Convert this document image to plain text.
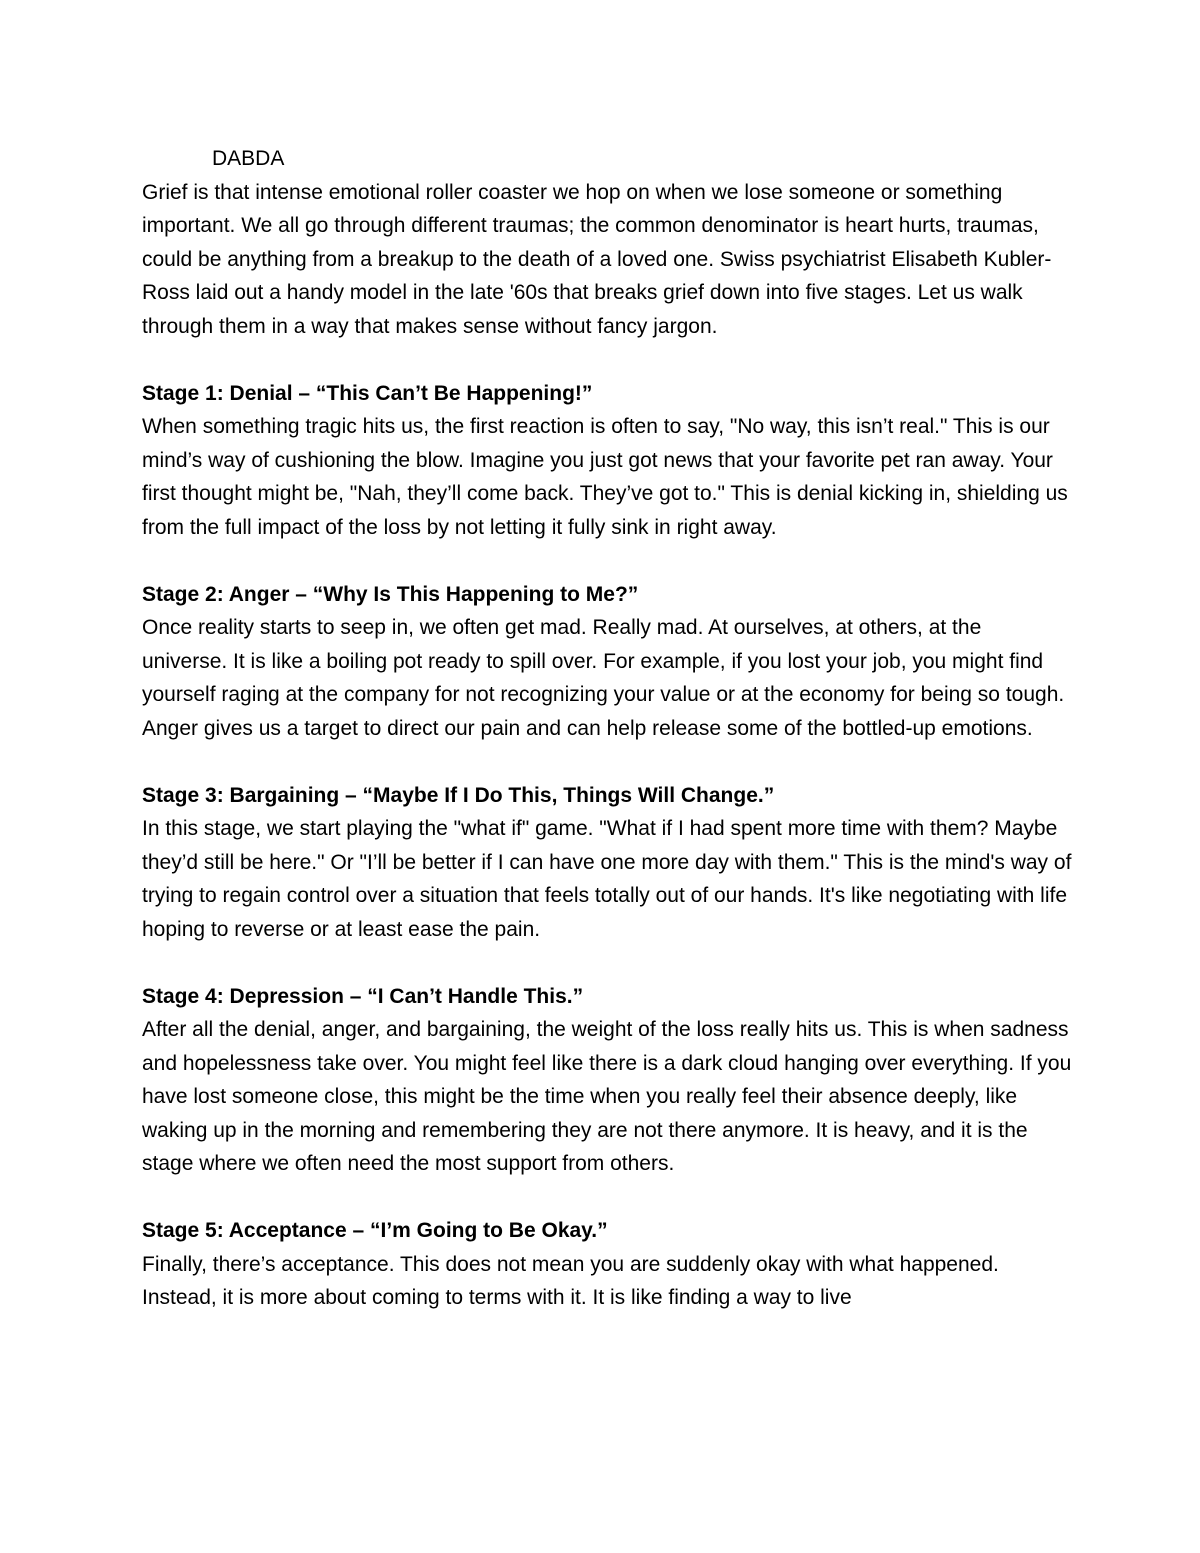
DABDA

Grief is that intense emotional roller coaster we hop on when we lose someone or something important. We all go through different traumas; the common denominator is heart hurts, traumas, could be anything from a breakup to the death of a loved one. Swiss psychiatrist Elisabeth Kubler-Ross laid out a handy model in the late '60s that breaks grief down into five stages. Let us walk through them in a way that makes sense without fancy jargon.

Stage 1: Denial – “This Can’t Be Happening!”

When something tragic hits us, the first reaction is often to say, "No way, this isn’t real." This is our mind’s way of cushioning the blow. Imagine you just got news that your favorite pet ran away. Your first thought might be, "Nah, they’ll come back. They’ve got to." This is denial kicking in, shielding us from the full impact of the loss by not letting it fully sink in right away.

Stage 2: Anger – “Why Is This Happening to Me?”

Once reality starts to seep in, we often get mad. Really mad. At ourselves, at others, at the universe. It is like a boiling pot ready to spill over. For example, if you lost your job, you might find yourself raging at the company for not recognizing your value or at the economy for being so tough. Anger gives us a target to direct our pain and can help release some of the bottled-up emotions.

Stage 3: Bargaining – “Maybe If I Do This, Things Will Change.”

In this stage, we start playing the "what if" game. "What if I had spent more time with them? Maybe they’d still be here." Or "I’ll be better if I can have one more day with them." This is the mind's way of trying to regain control over a situation that feels totally out of our hands. It's like negotiating with life hoping to reverse or at least ease the pain.

Stage 4: Depression – “I Can’t Handle This.”

After all the denial, anger, and bargaining, the weight of the loss really hits us. This is when sadness and hopelessness take over. You might feel like there is a dark cloud hanging over everything. If you have lost someone close, this might be the time when you really feel their absence deeply, like waking up in the morning and remembering they are not there anymore. It is heavy, and it is the stage where we often need the most support from others.

Stage 5: Acceptance – “I’m Going to Be Okay.”

Finally, there’s acceptance. This does not mean you are suddenly okay with what happened. Instead, it is more about coming to terms with it. It is like finding a way to live
